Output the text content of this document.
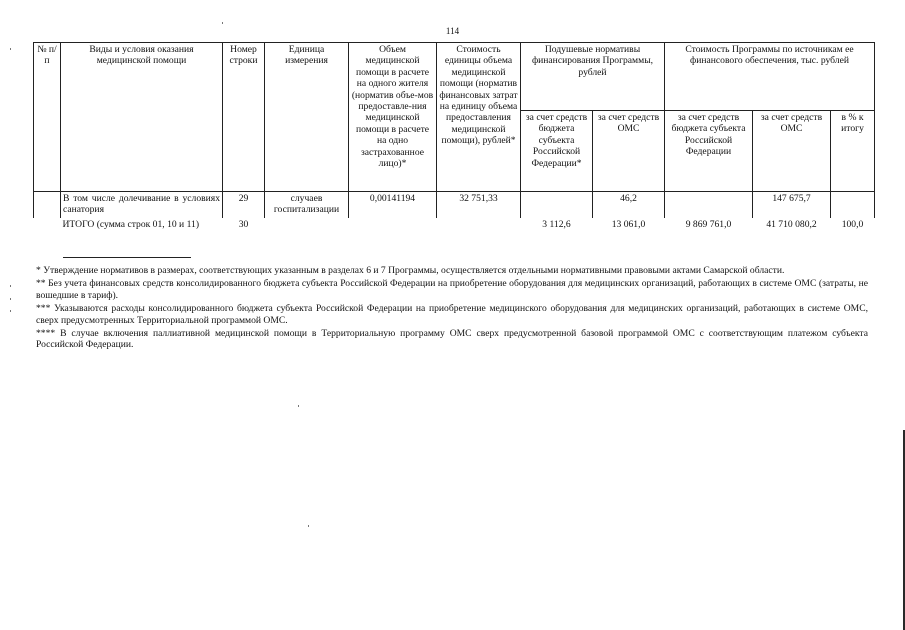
114
№ п/п	Виды и условия оказания медицинской помощи	Номер строки	Единица измерения	Объем медицинской помощи в расчете на одного жителя (норматив объе-мов предоставле-ния медицинской помощи в расчете на одно застрахованное лицо)*	Стоимость единицы объема медицинской помощи (норматив финансовых затрат на единицу объема предоставления медицинской помощи), рублей*	Подушевые нормативы финансирования Программы, рублей		Стоимость Программы по источникам ее финансового обеспечения, тыс. рублей		
						за счет средств бюджета субъекта Российской Федерации*	за счет средств ОМС	за счет средств бюджета субъекта Российской Федерации	за счет средств ОМС	в % к итогу
	В том числе долечивание в условиях санатория	29	случаев госпитализации	0,00141194	32 751,33		46,2		147 675,7	
	ИТОГО (сумма строк 01, 10 и 11)	30				3 112,6	13 061,0	9 869 761,0	41 710 080,2	100,0

* Утверждение нормативов в размерах, соответствующих указанным в разделах 6 и 7 Программы, осуществляется отдельными нормативными правовыми актами Самарской области.

** Без учета финансовых средств консолидированного бюджета субъекта Российской Федерации на приобретение оборудования для медицинских организаций, работающих в системе ОМС (затраты, не вошедшие в тариф).

*** Указываются расходы консолидированного бюджета субъекта Российской Федерации на приобретение медицинского оборудования для медицинских организаций, работающих в системе ОМС, сверх предусмотренных Территориальной программой ОМС.

**** В случае включения паллиативной медицинской помощи в Территориальную программу ОМС сверх предусмотренной базовой программой ОМС с соответствующим платежом субъекта Российской Федерации.
